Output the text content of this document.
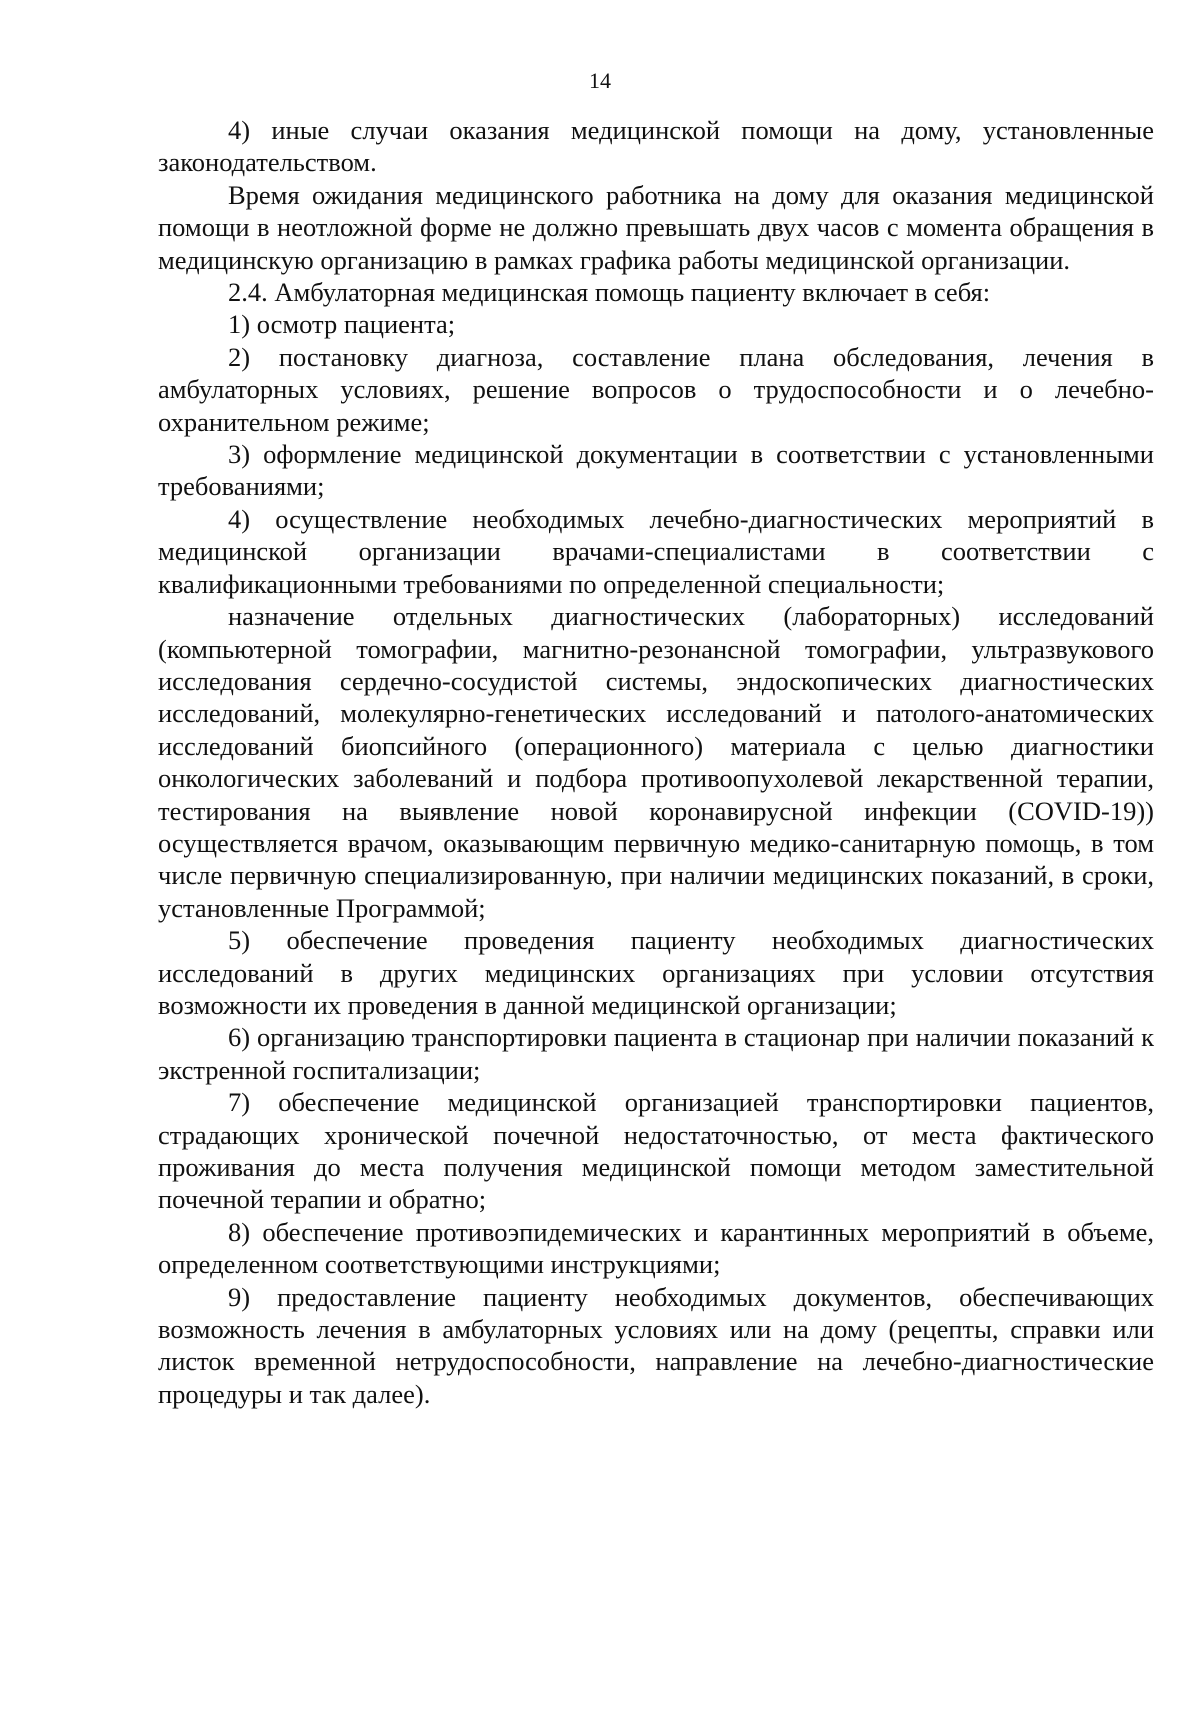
14

4) иные случаи оказания медицинской помощи на дому, установленные законодательством.

Время ожидания медицинского работника на дому для оказания медицинской помощи в неотложной форме не должно превышать двух часов с момента обращения в медицинскую организацию в рамках графика работы медицинской организации.

2.4. Амбулаторная медицинская помощь пациенту включает в себя:

1) осмотр пациента;

2) постановку диагноза, составление плана обследования, лечения в амбулаторных условиях, решение вопросов о трудоспособности и о лечебно-охранительном режиме;

3) оформление медицинской документации в соответствии с установленными требованиями;

4) осуществление необходимых лечебно-диагностических мероприятий в медицинской организации врачами-специалистами в соответствии с квалификационными требованиями по определенной специальности;

назначение отдельных диагностических (лабораторных) исследований (компьютерной томографии, магнитно-резонансной томографии, ультразвукового исследования сердечно-сосудистой системы, эндоскопических диагностических исследований, молекулярно-генетических исследований и патолого-анатомических исследований биопсийного (операционного) материала с целью диагностики онкологических заболеваний и подбора противоопухолевой лекарственной терапии, тестирования на выявление новой коронавирусной инфекции (COVID-19)) осуществляется врачом, оказывающим первичную медико-санитарную помощь, в том числе первичную специализированную, при наличии медицинских показаний, в сроки, установленные Программой;

5) обеспечение проведения пациенту необходимых диагностических исследований в других медицинских организациях при условии отсутствия возможности их проведения в данной медицинской организации;

6) организацию транспортировки пациента в стационар при наличии показаний к экстренной госпитализации;

7) обеспечение медицинской организацией транспортировки пациентов, страдающих хронической почечной недостаточностью, от места фактического проживания до места получения медицинской помощи методом заместительной почечной терапии и обратно;

8) обеспечение противоэпидемических и карантинных мероприятий в объеме, определенном соответствующими инструкциями;

9) предоставление пациенту необходимых документов, обеспечивающих возможность лечения в амбулаторных условиях или на дому (рецепты, справки или листок временной нетрудоспособности, направление на лечебно-диагностические процедуры и так далее).
